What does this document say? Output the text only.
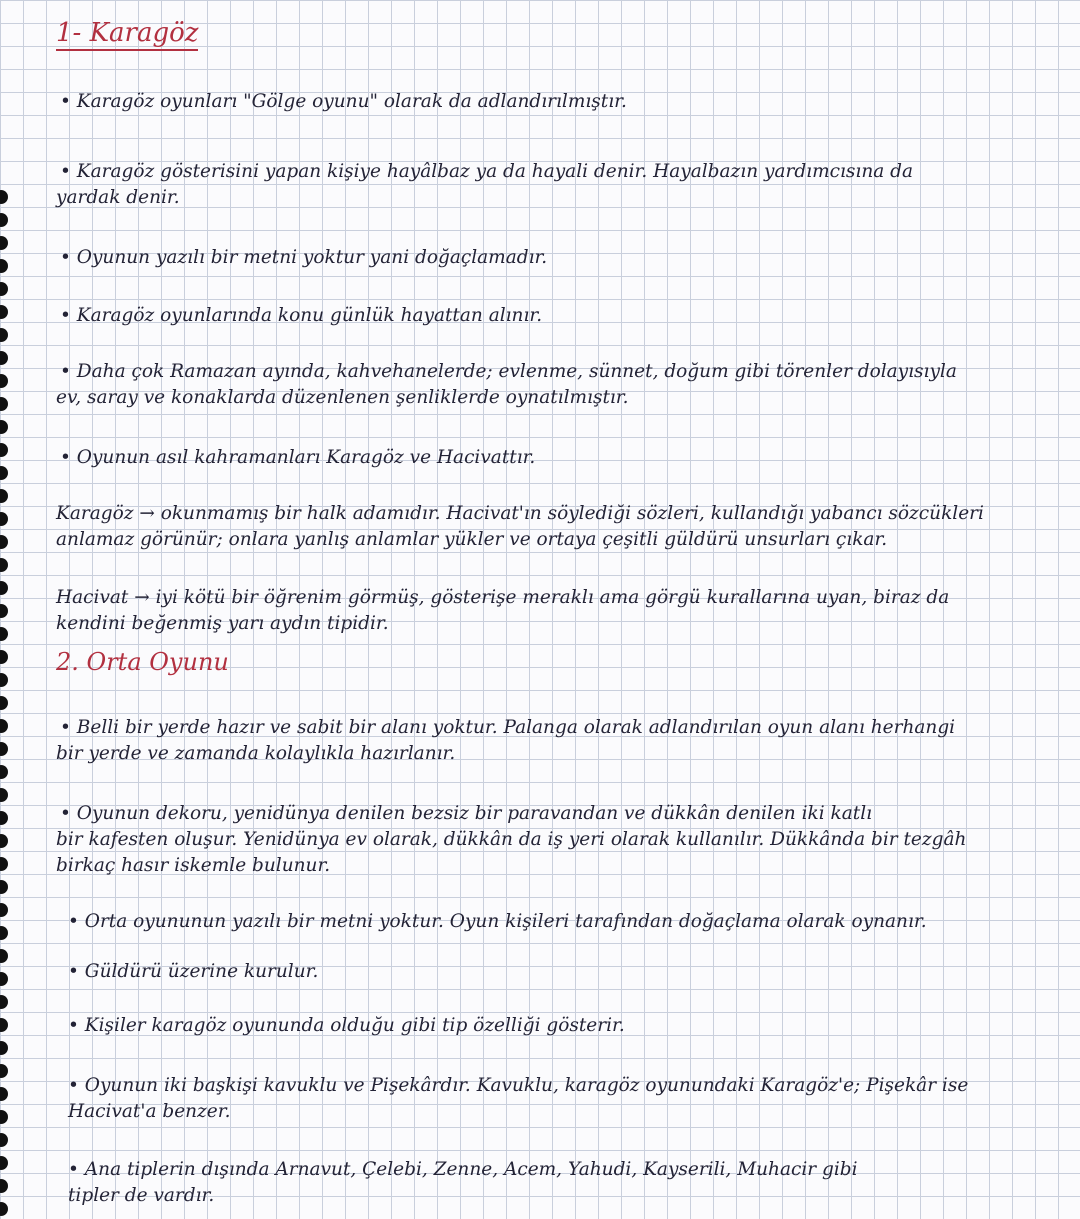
1- Karagöz
• Karagöz oyunları "Gölge oyunu" olarak da adlandırılmıştır.
• Karagöz gösterisini yapan kişiye hayâlbaz ya da hayali denir. Hayalbazın yardımcısına da
yardak denir.
• Oyunun yazılı bir metni yoktur yani doğaçlamadır.
• Karagöz oyunlarında konu günlük hayattan alınır.
• Daha çok Ramazan ayında, kahvehanelerde; evlenme, sünnet, doğum gibi törenler dolayısıyla
ev, saray ve konaklarda düzenlenen şenliklerde oynatılmıştır.
• Oyunun asıl kahramanları Karagöz ve Hacivattır.
Karagöz → okunmamış bir halk adamıdır. Hacivat'ın söylediği sözleri, kullandığı yabancı sözcükleri
anlamaz görünür; onlara yanlış anlamlar yükler ve ortaya çeşitli güldürü unsurları çıkar.
Hacivat → iyi kötü bir öğrenim görmüş, gösterişe meraklı ama görgü kurallarına uyan, biraz da
kendini beğenmiş yarı aydın tipidir.
2. Orta Oyunu
• Belli bir yerde hazır ve sabit bir alanı yoktur. Palanga olarak adlandırılan oyun alanı herhangi
bir yerde ve zamanda kolaylıkla hazırlanır.
• Oyunun dekoru, yenidünya denilen bezsiz bir paravandan ve dükkân denilen iki katlı
bir kafesten oluşur. Yenidünya ev olarak, dükkân da iş yeri olarak kullanılır. Dükkânda bir tezgâh
birkaç hasır iskemle bulunur.
• Orta oyununun yazılı bir metni yoktur. Oyun kişileri tarafından doğaçlama olarak oynanır.
• Güldürü üzerine kurulur.
• Kişiler karagöz oyununda olduğu gibi tip özelliği gösterir.
• Oyunun iki başkişi kavuklu ve Pişekârdır. Kavuklu, karagöz oyunundaki Karagöz'e; Pişekâr ise
Hacivat'a benzer.
• Ana tiplerin dışında Arnavut, Çelebi, Zenne, Acem, Yahudi, Kayserili, Muhacir gibi
tipler de vardır.
